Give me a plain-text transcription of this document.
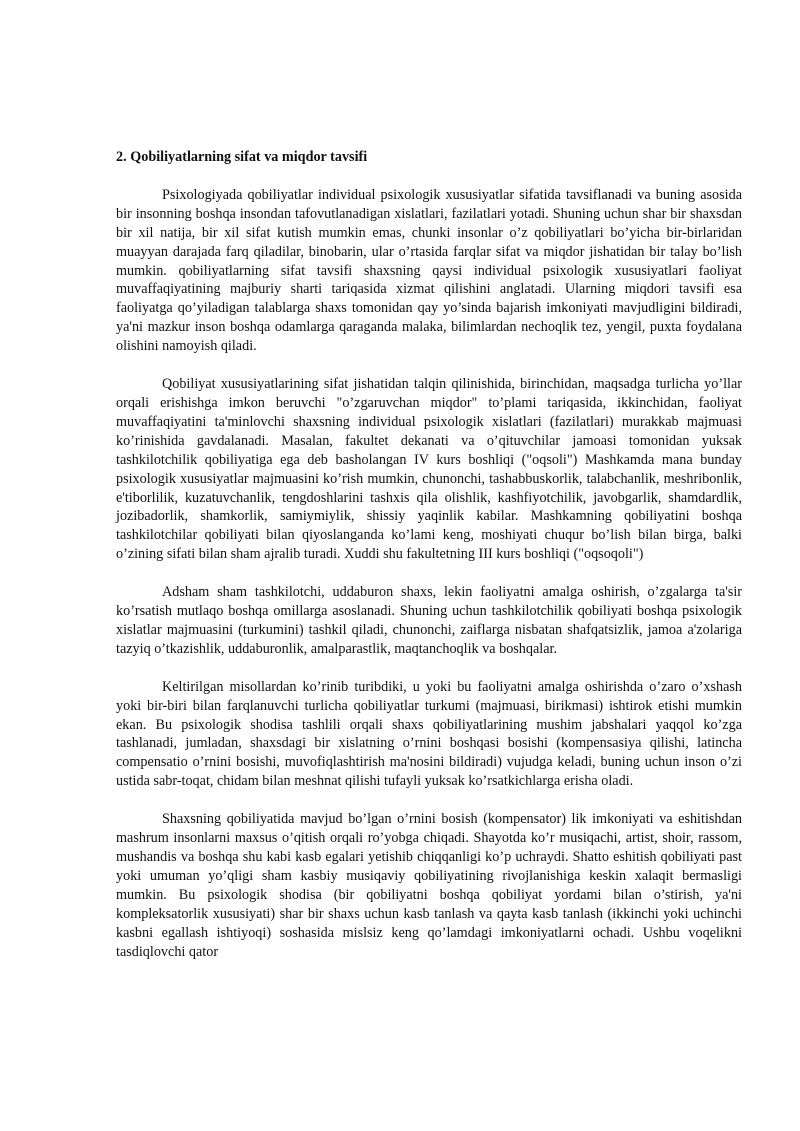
2. Qobiliyatlarning sifat va miqdor tavsifi

Psixologiyada qobiliyatlar individual psixologik xususiyatlar sifatida tavsiflanadi va buning asosida bir insonning boshqa insondan tafovutlanadigan xislatlari, fazilatlari yotadi. Shuning uchun shar bir shaxsdan bir xil natija, bir xil sifat kutish mumkin emas, chunki insonlar o’z qobiliyatlari bo’yicha bir-birlaridan muayyan darajada farq qiladilar, binobarin, ular o’rtasida farqlar sifat va miqdor jishatidan bir talay bo’lish mumkin. qobiliyatlarning sifat tavsifi shaxsning qaysi individual psixologik xususiyatlari faoliyat muvaffaqiyatining majburiy sharti tariqasida xizmat qilishini anglatadi. Ularning miqdori tavsifi esa faoliyatga qo’yiladigan talablarga shaxs tomonidan qay yo’sinda bajarish imkoniyati mavjudligini bildiradi, ya'ni mazkur inson boshqa odamlarga qaraganda malaka, bilimlardan nechoqlik tez, yengil, puxta foydalana olishini namoyish qiladi.

Qobiliyat xususiyatlarining sifat jishatidan talqin qilinishida, birinchidan, maqsadga turlicha yo’llar orqali erishishga imkon beruvchi "o’zgaruvchan miqdor" to’plami tariqasida, ikkinchidan, faoliyat muvaffaqiyatini ta'minlovchi shaxsning individual psixologik xislatlari (fazilatlari) murakkab majmuasi ko’rinishida gavdalanadi. Masalan, fakultet dekanati va o’qituvchilar jamoasi tomonidan yuksak tashkilotchilik qobiliyatiga ega deb basholangan IV kurs boshliqi ("oqsoli") Mashkamda mana bunday psixologik xususiyatlar majmuasini ko’rish mumkin, chunonchi, tashabbuskorlik, talabchanlik, meshribonlik, e'tiborlilik, kuzatuvchanlik, tengdoshlarini tashxis qila olishlik, kashfiyotchilik, javobgarlik, shamdardlik, jozibadorlik, shamkorlik, samiymiylik, shissiy yaqinlik kabilar. Mashkamning qobiliyatini boshqa tashkilotchilar qobiliyati bilan qiyoslanganda ko’lami keng, moshiyati chuqur bo’lish bilan birga, balki o’zining sifati bilan sham ajralib turadi. Xuddi shu fakultetning III kurs boshliqi ("oqsoqoli")

Adsham sham tashkilotchi, uddaburon shaxs, lekin faoliyatni amalga oshirish, o’zgalarga ta'sir ko’rsatish mutlaqo boshqa omillarga asoslanadi. Shuning uchun tashkilotchilik qobiliyati boshqa psixologik xislatlar majmuasini (turkumini) tashkil qiladi, chunonchi, zaiflarga nisbatan shafqatsizlik, jamoa a'zolariga tazyiq o’tkazishlik, uddaburonlik, amalparastlik, maqtanchoqlik va boshqalar.

Keltirilgan misollardan ko’rinib turibdiki, u yoki bu faoliyatni amalga oshirishda o’zaro o’xshash yoki bir-biri bilan farqlanuvchi turlicha qobiliyatlar turkumi (majmuasi, birikmasi) ishtirok etishi mumkin ekan. Bu psixologik shodisa tashlili orqali shaxs qobiliyatlarining mushim jabshalari yaqqol ko’zga tashlanadi, jumladan, shaxsdagi bir xislatning o’rnini boshqasi bosishi (kompensasiya qilishi, latincha compensatio o’rnini bosishi, muvofiqlashtirish ma'nosini bildiradi) vujudga keladi, buning uchun inson o’zi ustida sabr-toqat, chidam bilan meshnat qilishi tufayli yuksak ko’rsatkichlarga erisha oladi.

Shaxsning qobiliyatida mavjud bo’lgan o’rnini bosish (kompensator) lik imkoniyati va eshitishdan mashrum insonlarni maxsus o’qitish orqali ro’yobga chiqadi. Shayotda ko’r musiqachi, artist, shoir, rassom, mushandis va boshqa shu kabi kasb egalari yetishib chiqqanligi ko’p uchraydi. Shatto eshitish qobiliyati past yoki umuman yo’qligi sham kasbiy musiqaviy qobiliyatining rivojlanishiga keskin xalaqit bermasligi mumkin. Bu psixologik shodisa (bir qobiliyatni boshqa qobiliyat yordami bilan o’stirish, ya'ni kompleksatorlik xususiyati) shar bir shaxs uchun kasb tanlash va qayta kasb tanlash (ikkinchi yoki uchinchi kasbni egallash ishtiyoqi) soshasida mislsiz keng qo’lamdagi imkoniyatlarni ochadi. Ushbu voqelikni tasdiqlovchi qator
